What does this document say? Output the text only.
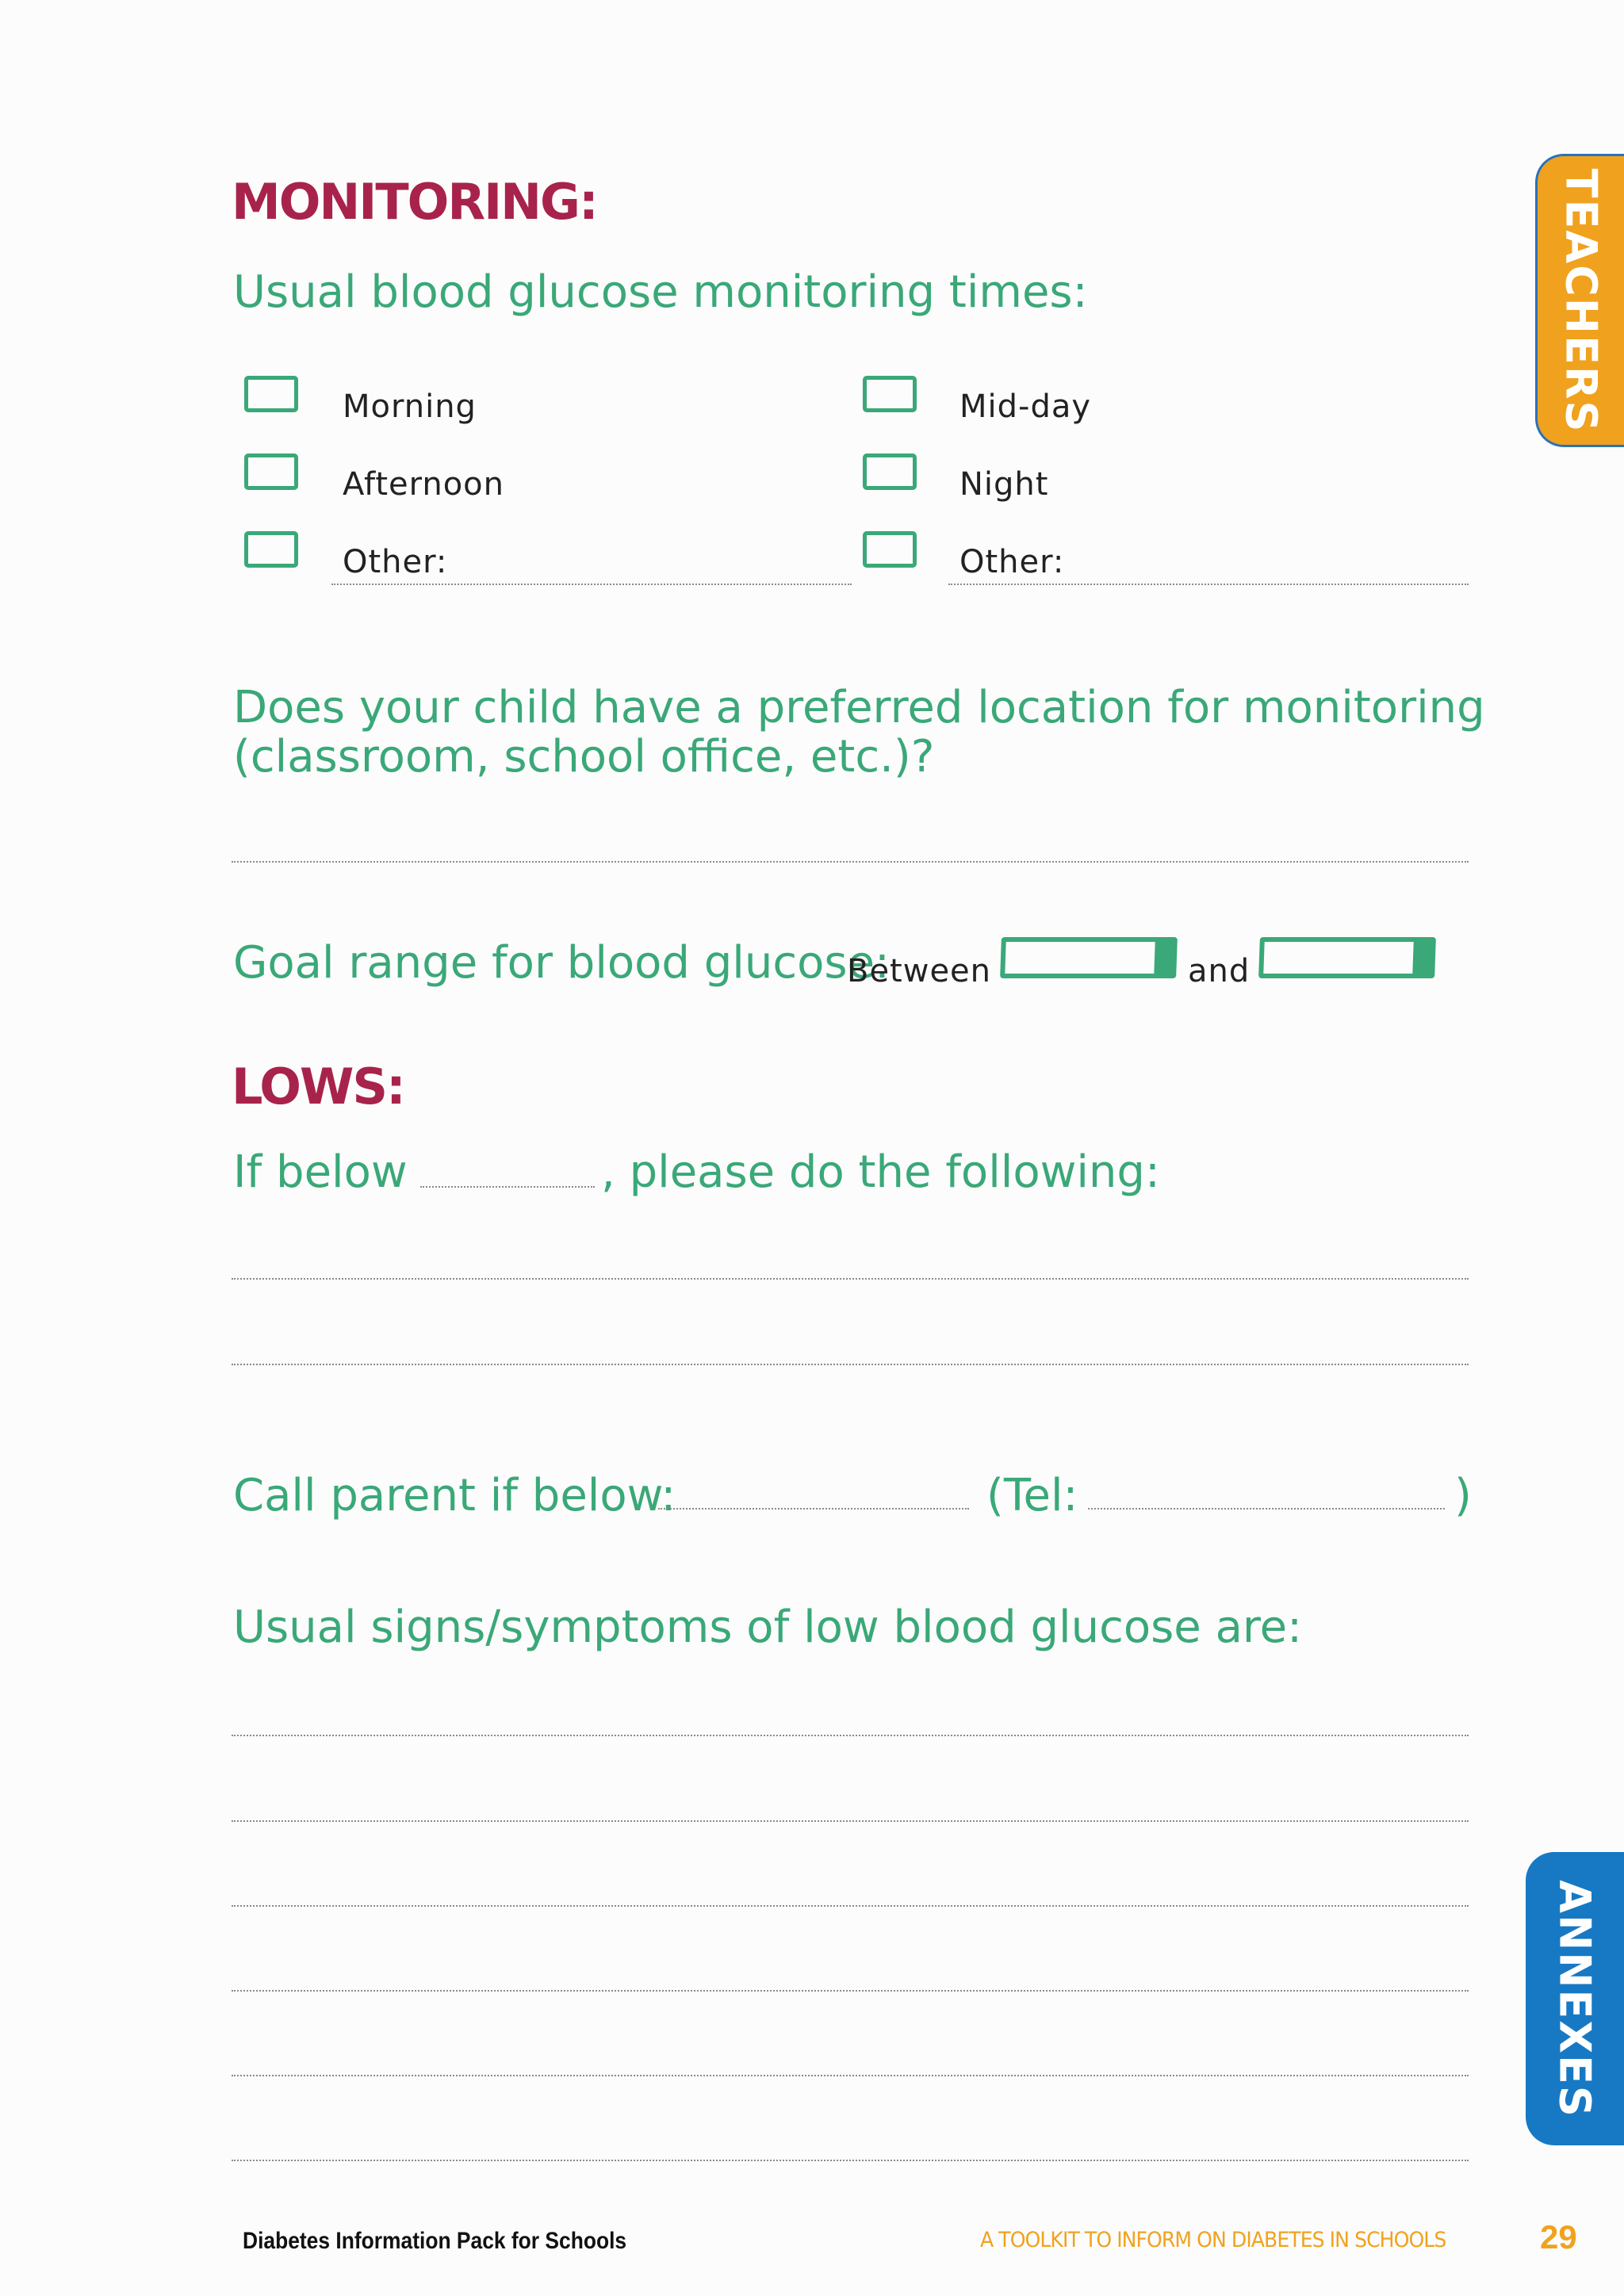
TEACHERS
ANNEXES
MONITORING:
Usual blood glucose monitoring times:
Morning	Mid-day
Afternoon	Night
Other:	Other:
Does your child have a preferred location for monitoring
(classroom, school office, etc.)?
Goal range for blood glucose:
Between	and
LOWS:
If below	, please do the following:
Call parent if below:	(Tel:	)
Usual signs/symptoms of low blood glucose are:
Diabetes Information Pack for Schools	A TOOLKIT TO INFORM ON DIABETES IN SCHOOLS	29
